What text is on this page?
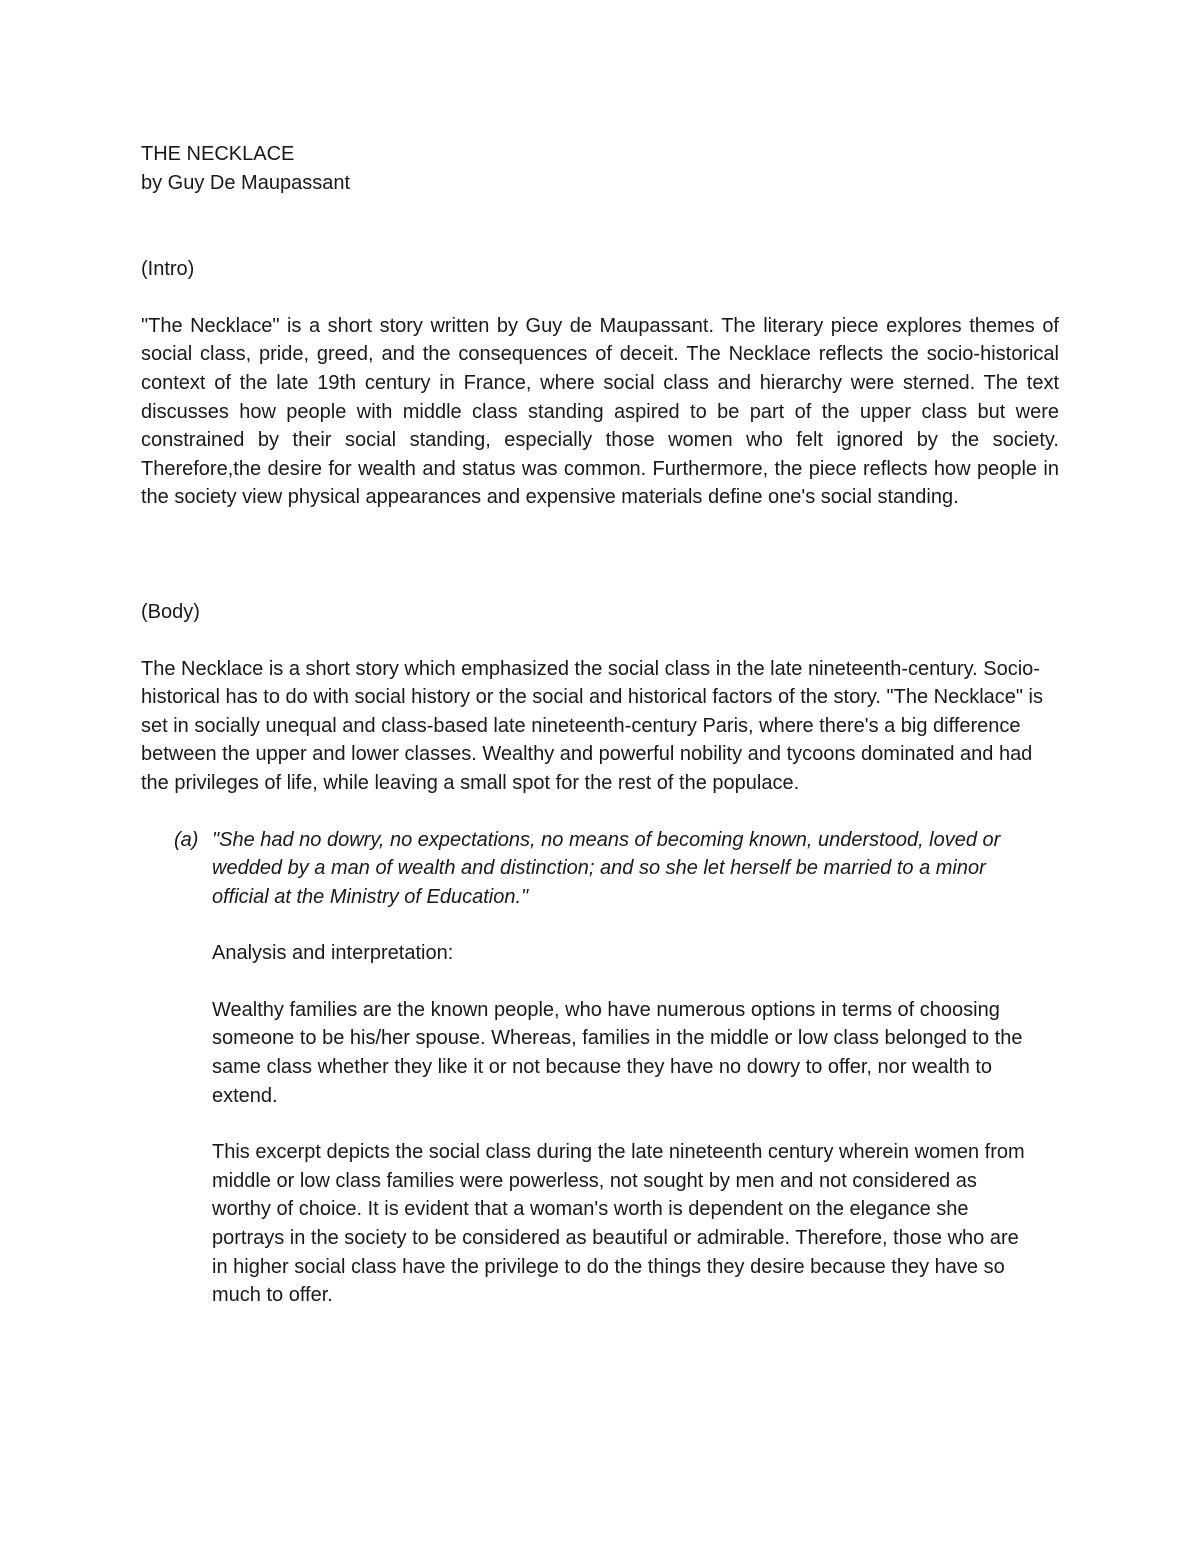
THE NECKLACE

by Guy De Maupassant

(Intro)

"The Necklace" is a short story written by Guy de Maupassant. The literary piece explores themes of social class, pride, greed, and the consequences of deceit. The Necklace reflects the socio-historical context of the late 19th century in France, where social class and hierarchy were sterned. The text discusses how people with middle class standing aspired to be part of the upper class but were constrained by their social standing, especially those women who felt ignored by the society. Therefore,the desire for wealth and status was common. Furthermore, the piece reflects how people in the society view physical appearances and expensive materials define one's social standing.

(Body)

The Necklace is a short story which emphasized the social class in the late nineteenth-century. Socio-historical has to do with social history or the social and historical factors of the story. "The Necklace" is set in socially unequal and class-based late nineteenth-century Paris, where there's a big difference between the upper and lower classes. Wealthy and powerful nobility and tycoons dominated and had the privileges of life, while leaving a small spot for the rest of the populace.

(a) "She had no dowry, no expectations, no means of becoming known, understood, loved or wedded by a man of wealth and distinction; and so she let herself be married to a minor official at the Ministry of Education."

Analysis and interpretation:

Wealthy families are the known people, who have numerous options in terms of choosing someone to be his/her spouse. Whereas, families in the middle or low class belonged to the same class whether they like it or not because they have no dowry to offer, nor wealth to extend.

This excerpt depicts the social class during the late nineteenth century wherein women from middle or low class families were powerless, not sought by men and not considered as worthy of choice. It is evident that a woman's worth is dependent on the elegance she portrays in the society to be considered as beautiful or admirable. Therefore, those who are in higher social class have the privilege to do the things they desire because they have so much to offer.
